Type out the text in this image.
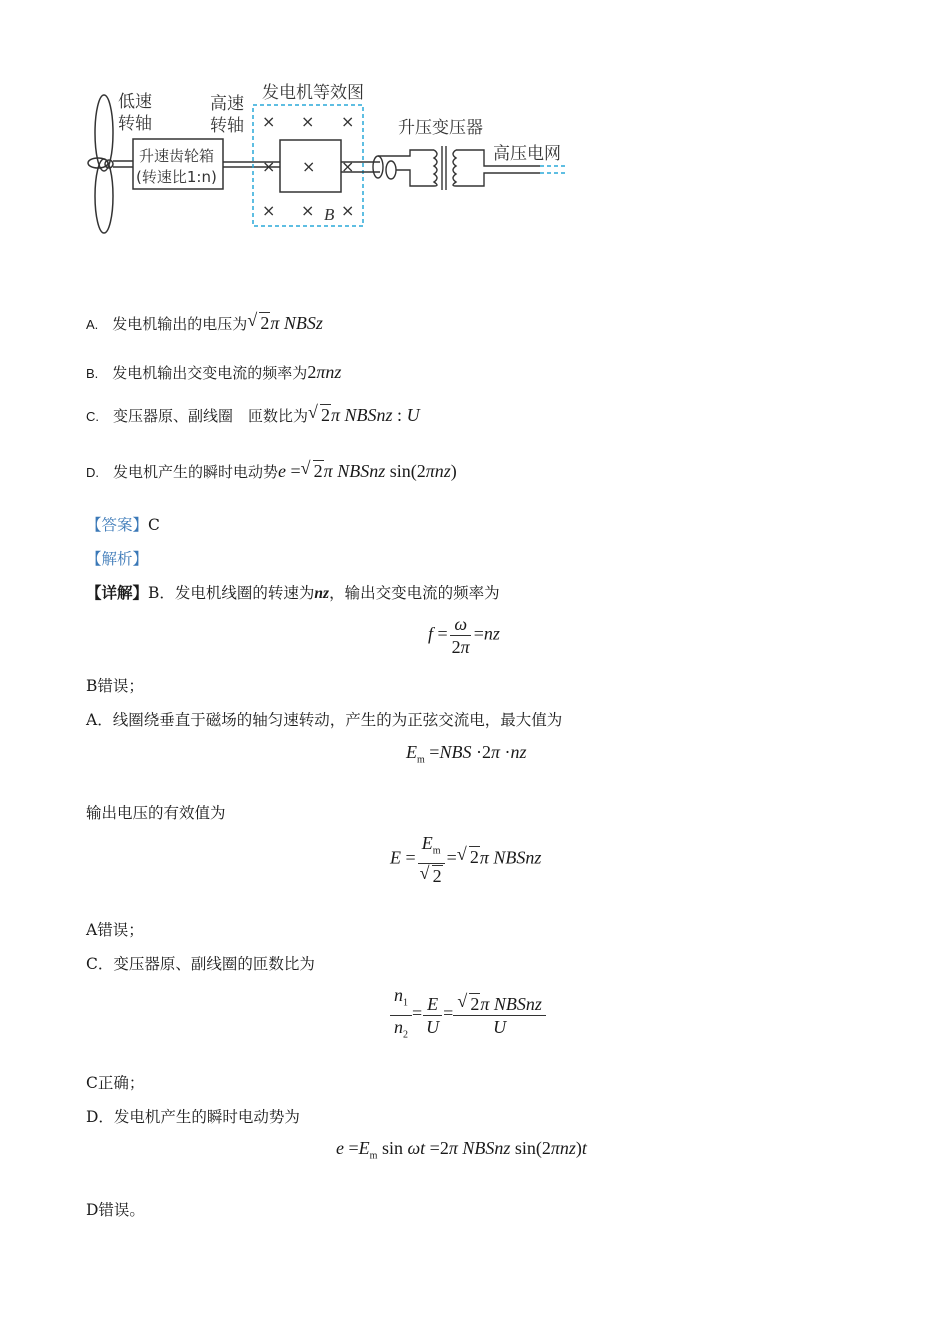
低速
转轴
升速齿轮箱
(转速比1:n)
高速
转轴
发电机等效图
× × ×
× × ×
× × ×
B
升压变压器
高压电网
A. 发电机输出的电压为 √ 2π NBSz
B. 发电机输出交变电流的频率为2πnz
C. 变压器原、副线圈　匝数比为 √ 2π NBSnz : U
D. 发电机产生的瞬时电动势e = √ 2π NBSnz sin(2πnz)
【答案】C
【解析】
【详解】B．发电机线圈的转速为nz，输出交变电流的频率为
$f = \frac{\omega}{2\pi} =nz$
B错误；
A．线圈绕垂直于磁场的轴匀速转动，产生的为正弦交流电，最大值为
$E_m =NBS \cdot 2\pi \cdot nz$
输出电压的有效值为
$E = \frac{E_m}{√ 2}$ = √ 2π NBSnz
A错误；
C．变压器原、副线圈的匝数比为
$\frac{n_1}{n_2} = \frac{E}{U} = \frac{\text{√ 2π NBSnz}}{U}$
C正确；
D．发电机产生的瞬时电动势为
$e =E_m$ sin ωt =2π NBSnz sin(2πnz)t
D错误。
